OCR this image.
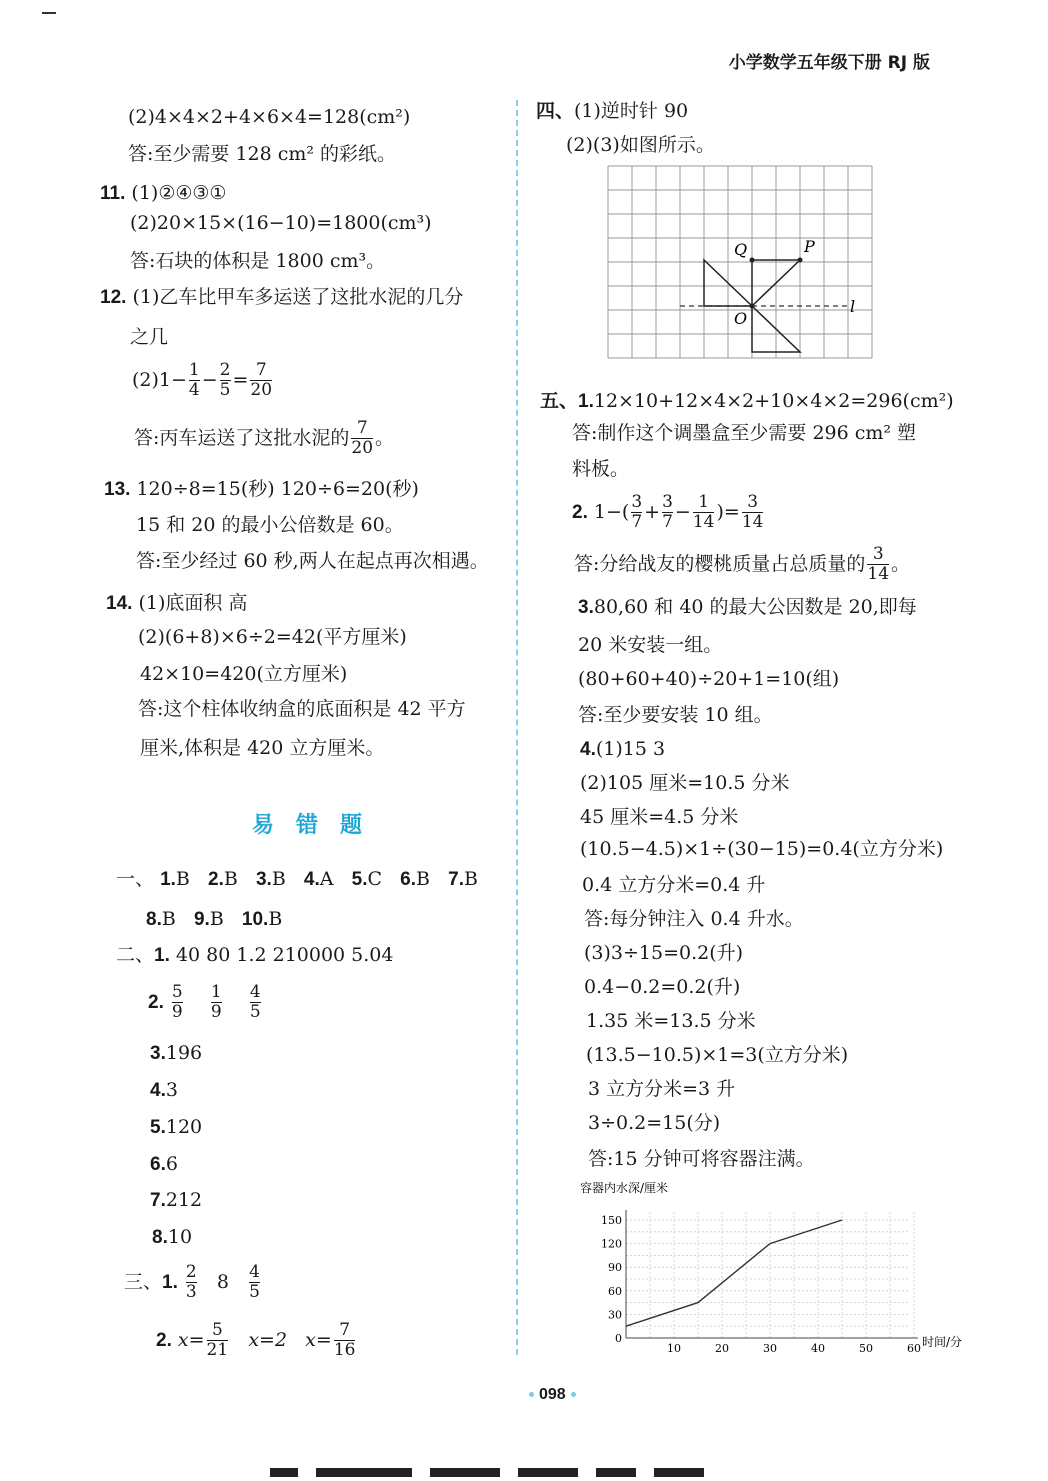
小学数学五年级下册 RJ 版
(2)4×4×2+4×6×4=128(cm²)
答:至少需要 128 cm² 的彩纸。
11. (1)②④③①
(2)20×15×(16−10)=1800(cm³)
答:石块的体积是 1800 cm³。
12. (1)乙车比甲车多运送了这批水泥的几分
之几
$(2)1- \frac{1}{4} - \frac{2}{5} = \frac{7}{20}$
答:丙车运送了这批水泥的 $\frac{7}{20}$ 。
13. 120÷8=15(秒) 120÷6=20(秒)
15 和 20 的最小公倍数是 60。
答:至少经过 60 秒,两人在起点再次相遇。
14. (1)底面积 高
(2)(6+8)×6÷2=42(平方厘米)
42×10=420(立方厘米)
答:这个柱体收纳盒的底面积是 42 平方
厘米,体积是 420 立方厘米。
易错题
一、 1.B 2.B 3.B 4.A 5.C 6.B 7.B
8.B 9.B 10.B
二、1. 40 80 1.2 210000 5.04
2. $\frac{5}{9}$
$\frac{1}{9}$
$\frac{4}{5}$
3.196
4.3
5.120
6.6
7.212
8.10
三、1. $\frac{2}{3} 8 \frac{4}{5}$
2. $x= \frac{5}{21} x=2$ $x= \frac{7}{16}$
四、(1)逆时针 90
(2)(3)如图所示。
Q	P
O
l
五、1.12×10+12×4×2+10×4×2=296(cm²)
答:制作这个调墨盒至少需要 296 cm² 塑
料板。
2. $1-( \frac{3}{7} + \frac{3}{7} - \frac{1}{14}$ )= $\frac{3}{14}$
答:分给战友的樱桃质量占总质量的 $\frac{3}{14}$ 。
3.80,60 和 40 的最大公因数是 20,即每
20 米安装一组。
(80+60+40)÷20+1=10(组)
答:至少要安装 10 组。
4.(1)15 3
(2)105 厘米=10.5 分米
45 厘米=4.5 分米
(10.5−4.5)×1÷(30−15)=0.4(立方分米)
0.4 立方分米=0.4 升
答:每分钟注入 0.4 升水。
(3)3÷15=0.2(升)
0.4−0.2=0.2(升)
1.35 米=13.5 分米
(13.5−10.5)×1=3(立方分米)
3 立方分米=3 升
3÷0.2=15(分)
答:15 分钟可将容器注满。
容器内水深/厘米
0
30
60
90
120
150
10	20	30	40	50	60 时间/分
098
